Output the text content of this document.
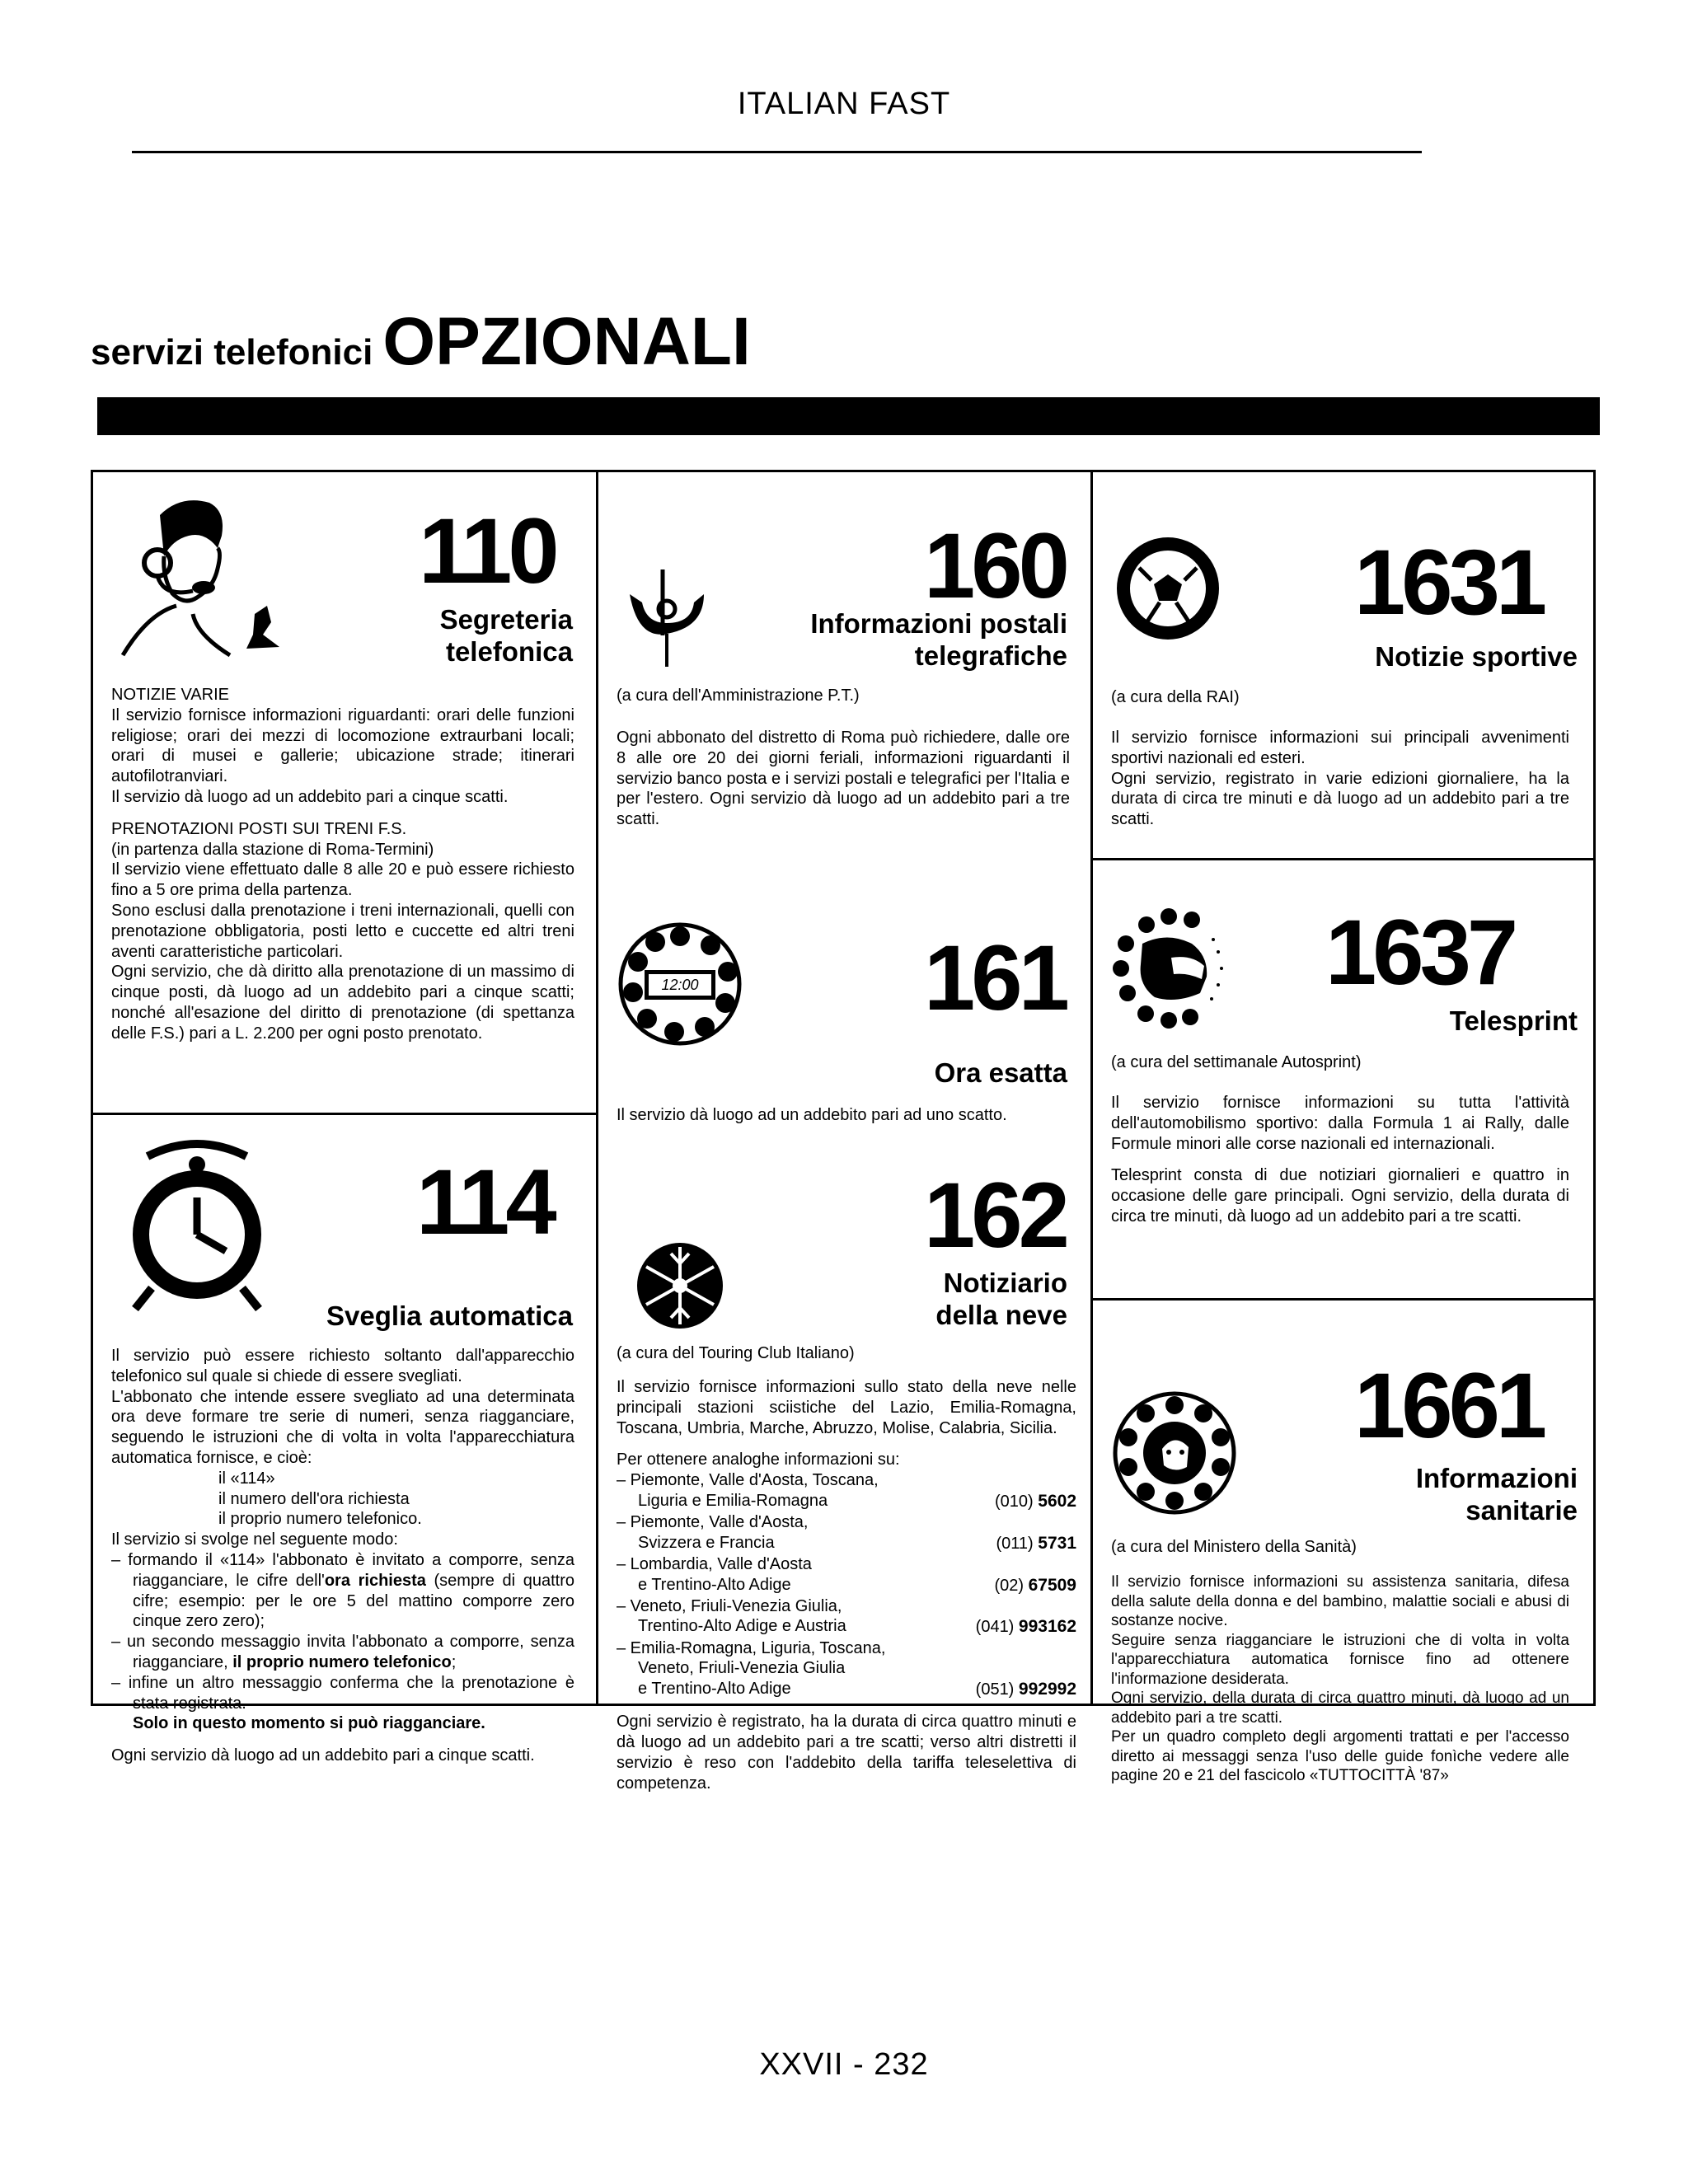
ITALIAN FAST
servizi telefonici OPZIONALI
110
Segreteria
telefonica

NOTIZIE VARIE

Il servizio fornisce informazioni riguardanti: orari delle funzioni religiose; orari dei mezzi di locomozione extraurbani locali; orari di musei e gallerie; ubicazione strade; itinerari autofilotranviari.

Il servizio dà luogo ad un addebito pari a cinque scatti.

PRENOTAZIONI POSTI SUI TRENI F.S.

(in partenza dalla stazione di Roma-Termini)

Il servizio viene effettuato dalle 8 alle 20 e può essere richiesto fino a 5 ore prima della partenza.

Sono esclusi dalla prenotazione i treni internazionali, quelli con prenotazione obbligatoria, posti letto e cuccette ed altri treni aventi caratteristiche particolari.

Ogni servizio, che dà diritto alla prenotazione di un massimo di cinque posti, dà luogo ad un addebito pari a cinque scatti; nonché all'esazione del diritto di prenotazione (di spettanza delle F.S.) pari a L. 2.200 per ogni posto prenotato.

114
Sveglia automatica

Il servizio può essere richiesto soltanto dall'apparecchio telefonico sul quale si chiede di essere svegliati.

L'abbonato che intende essere svegliato ad una determinata ora deve formare tre serie di numeri, senza riagganciare, seguendo le istruzioni che di volta in volta l'apparecchiatura automatica fornisce, e cioè:

il «114»

il numero dell'ora richiesta

il proprio numero telefonico.

Il servizio si svolge nel seguente modo:

– formando il «114» l'abbonato è invitato a comporre, senza riagganciare, le cifre dell'ora richiesta (sempre di quattro cifre; esempio: per le ore 5 del mattino comporre zero cinque zero zero);

– un secondo messaggio invita l'abbonato a comporre, senza riagganciare, il proprio numero telefonico;

– infine un altro messaggio conferma che la prenotazione è stata registrata.

Solo in questo momento si può riagganciare.

Ogni servizio dà luogo ad un addebito pari a cinque scatti.

160
Informazioni postali
telegrafiche
(a cura dell'Amministrazione P.T.)

Ogni abbonato del distretto di Roma può richiedere, dalle ore 8 alle ore 20 dei giorni feriali, informazioni riguardanti il servizio banco posta e i servizi postali e telegrafici per l'Italia e per l'estero. Ogni servizio dà luogo ad un addebito pari a tre scatti.

12:00 161
Ora esatta

Il servizio dà luogo ad un addebito pari ad uno scatto.

162
Notiziario
della neve
(a cura del Touring Club Italiano)

Il servizio fornisce informazioni sullo stato della neve nelle principali stazioni sciistiche del Lazio, Emilia-Romagna, Toscana, Umbria, Marche, Abruzzo, Molise, Calabria, Sicilia.

Per ottenere analoghe informazioni su:

– Piemonte, Valle d'Aosta, Toscana,
Liguria e Emilia-Romagna	(010) 5602
– Piemonte, Valle d'Aosta,
Svizzera e Francia	(011) 5731
– Lombardia, Valle d'Aosta
e Trentino-Alto Adige	(02) 67509
– Veneto, Friuli-Venezia Giulia,
Trentino-Alto Adige e Austria	(041) 993162
– Emilia-Romagna, Liguria, Toscana,
Veneto, Friuli-Venezia Giulia
e Trentino-Alto Adige	(051) 992992

Ogni servizio è registrato, ha la durata di circa quattro minuti e dà luogo ad un addebito pari a tre scatti; verso altri distretti il servizio è reso con l'addebito della tariffa teleselettiva di competenza.

1631
Notizie sportive
(a cura della RAI)

Il servizio fornisce informazioni sui principali avvenimenti sportivi nazionali ed esteri.

Ogni servizio, registrato in varie edizioni giornaliere, ha la durata di circa tre minuti e dà luogo ad un addebito pari a tre scatti.

1637
Telesprint
(a cura del settimanale Autosprint)

Il servizio fornisce informazioni su tutta l'attività dell'automobilismo sportivo: dalla Formula 1 ai Rally, dalle Formule minori alle corse nazionali ed internazionali.

Telesprint consta di due notiziari giornalieri e quattro in occasione delle gare principali. Ogni servizio, della durata di circa tre minuti, dà luogo ad un addebito pari a tre scatti.

1661
Informazioni
sanitarie
(a cura del Ministero della Sanità)

Il servizio fornisce informazioni su assistenza sanitaria, difesa della salute della donna e del bambino, malattie sociali e abusi di sostanze nocive.

Seguire senza riagganciare le istruzioni che di volta in volta l'apparecchiatura automatica fornisce fino ad ottenere l'informazione desiderata.

Ogni servizio, della durata di circa quattro minuti, dà luogo ad un addebito pari a tre scatti.

Per un quadro completo degli argomenti trattati e per l'accesso diretto ai messaggi senza l'uso delle guide fonìche vedere alle pagine 20 e 21 del fascicolo «TUTTOCITTÀ '87»

XXVII - 232
